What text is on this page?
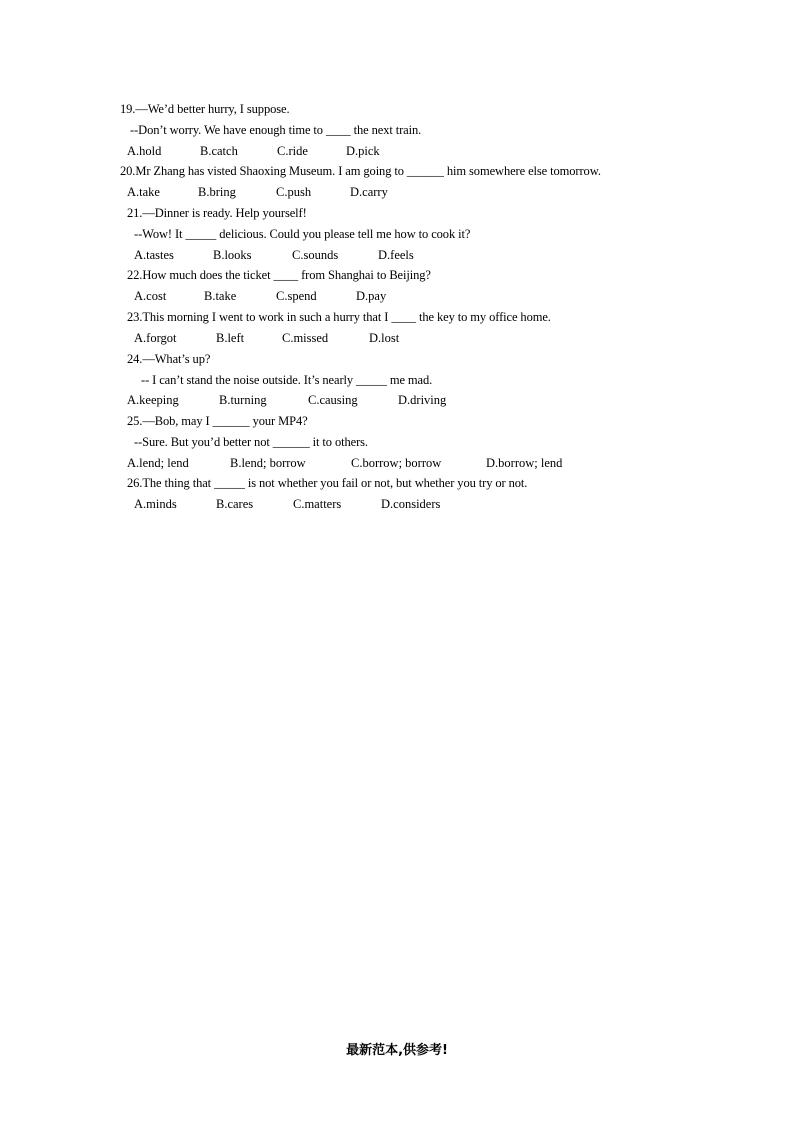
19.—We’d better hurry, I suppose.
--Don’t worry. We have enough time to ____ the next train.
A.hold	B.catch	C.ride	D.pick
20.Mr Zhang has visted Shaoxing Museum. I am going to ______ him somewhere else tomorrow.
A.take	B.bring	C.push	D.carry
21.—Dinner is ready. Help yourself!
--Wow! It _____ delicious. Could you please tell me how to cook it?
A.tastes	B.looks	C.sounds	D.feels
22.How much does the ticket ____ from Shanghai to Beijing?
A.cost	B.take	C.spend	D.pay
23.This morning I went to work in such a hurry that I ____ the key to my office home.
A.forgot	B.left	C.missed	D.lost
24.—What’s up?
-- I can’t stand the noise outside. It’s nearly _____ me mad.
A.keeping	B.turning	C.causing	D.driving
25.—Bob, may I ______ your MP4?
--Sure. But you’d better not ______ it to others.
A.lend; lend	B.lend; borrow	C.borrow; borrow	D.borrow; lend
26.The thing that _____ is not whether you fail or not, but whether you try or not.
A.minds	B.cares	C.matters	D.considers
最新范本,供参考!
